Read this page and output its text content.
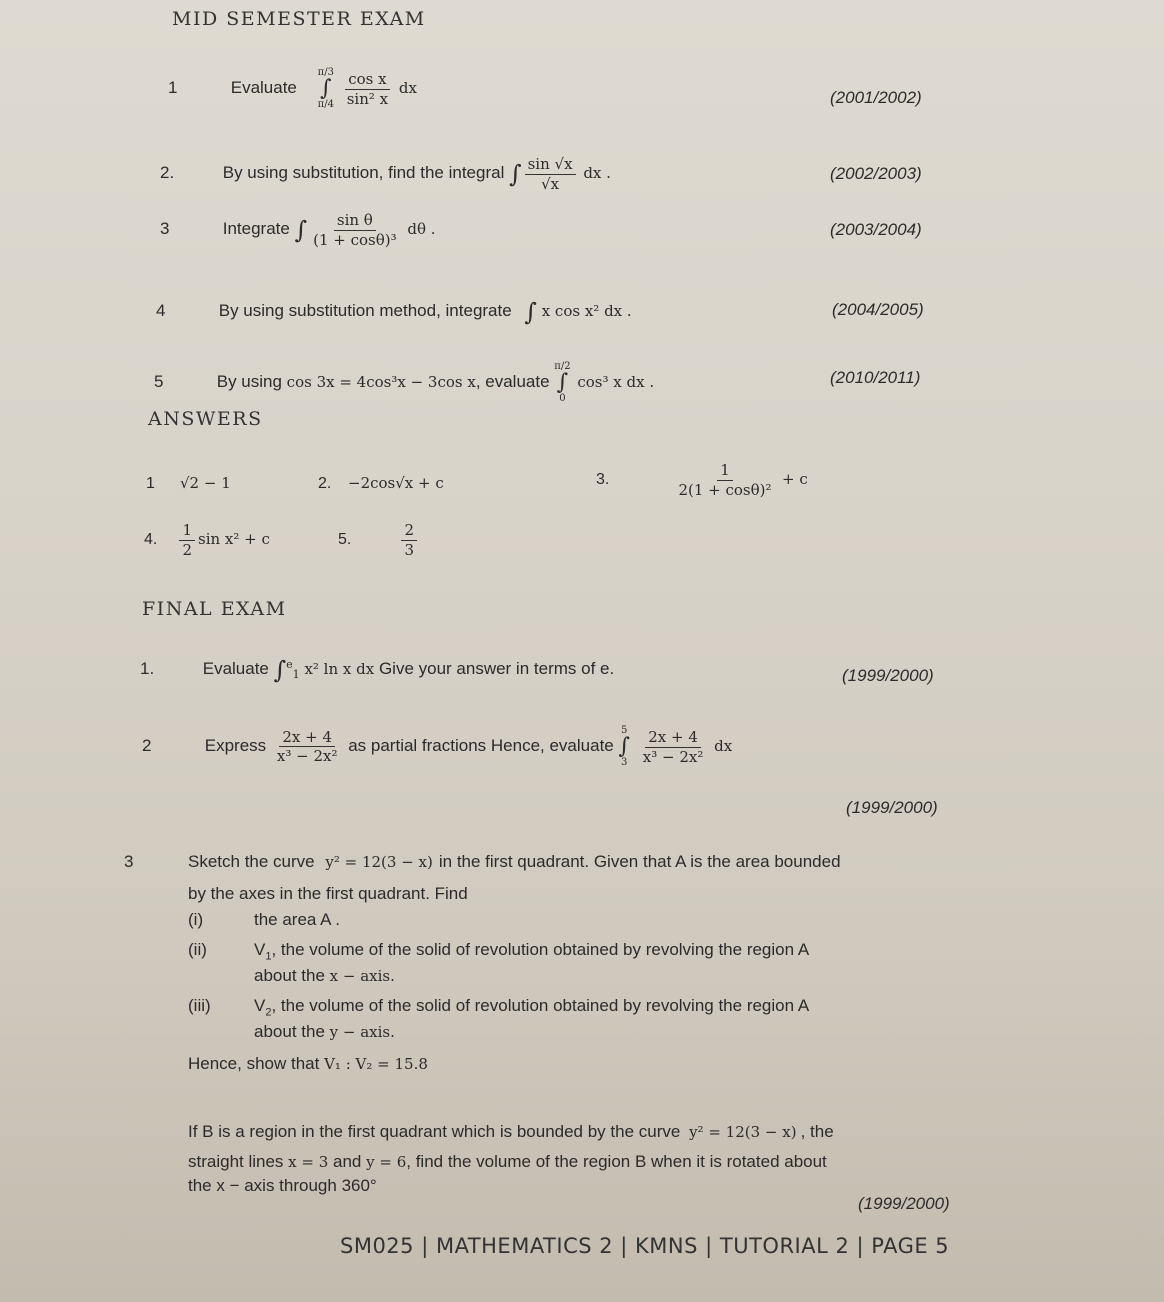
MID SEMESTER EXAM
1	Evaluate
π/3
∫
π/4
$\frac{\text{cos x}}{\text{sin² x}}$ dx	(2001/2002)
2.	By using substitution, find the integral ∫ $\frac{\sin √x}{√x}$ dx .	(2002/2003)
3	Integrate ∫ $\frac{\text{sin θ}}{\text{(1 + cosθ)³}}$ dθ .	(2003/2004)
4	By using substitution method, integrate ∫ x cos x² dx .	(2004/2005)
5	By using cos 3x = 4cos³x − 3cos x, evaluate
π/2
∫
0
cos³ x dx .	(2010/2011)
ANSWERS
1 √2 − 1	2. −2cos√x + c	3.	$\frac{1}{\text{2(1 + cosθ)²}} + c$
4. $\frac{1}{2}$ sin x² + c	5.	$\frac{2}{3}$
FINAL EXAM
1.	Evaluate ∫$^e_1$ x² ln x dx Give your answer in terms of e.	(1999/2000)
2	Express $\frac{2x + 4}{\text{x³ − 2x²}}$ as partial fractions Hence, evaluate
5
∫
3
$\frac{2x + 4}{\text{x³ − 2x²}}$ dx
(1999/2000)
3	Sketch the curve y² = 12(3 − x) in the first quadrant. Given that A is the area bounded
by the axes in the first quadrant. Find
(i)	the area A .
(ii)	$V_1$, the volume of the solid of revolution obtained by revolving the region A
about the x − axis.
(iii)	$V_2$, the volume of the solid of revolution obtained by revolving the region A
about the y − axis.
Hence, show that V₁ : V₂ = 15.8
If B is a region in the first quadrant which is bounded by the curve y² = 12(3 − x) , the
straight lines x = 3 and y = 6, find the volume of the region B when it is rotated about
the x − axis through 360°
(1999/2000)
SM025 | MATHEMATICS 2 | KMNS | TUTORIAL 2 | PAGE 5
